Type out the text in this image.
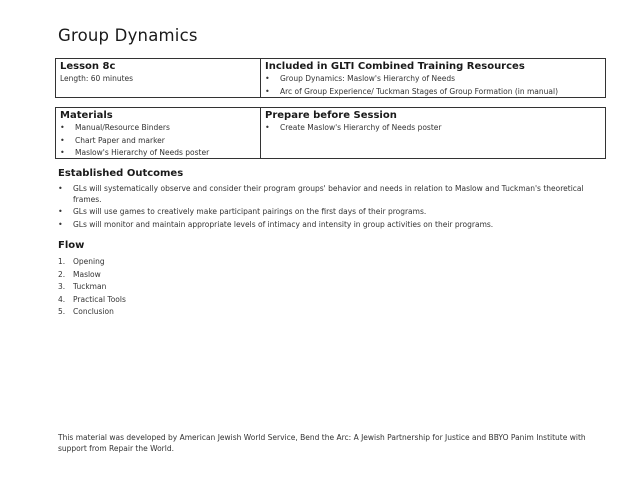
Group Dynamics
Lesson 8c
Length: 60 minutes
Included in GLTI Combined Training Resources
• Group Dynamics: Maslow's Hierarchy of Needs
• Arc of Group Experience/ Tuckman Stages of Group Formation (in manual)
Materials
• Manual/Resource Binders
• Chart Paper and marker
• Maslow's Hierarchy of Needs poster
Prepare before Session
• Create Maslow's Hierarchy of Needs poster
Established Outcomes
• GLs will systematically observe and consider their program groups' behavior and needs in relation to Maslow and Tuckman's theoretical frames.
• GLs will use games to creatively make participant pairings on the first days of their programs.
• GLs will monitor and maintain appropriate levels of intimacy and intensity in group activities on their programs.
Flow
1.	Opening
2.	Maslow
3.	Tuckman
4.	Practical Tools
5.	Conclusion
This material was developed by American Jewish World Service, Bend the Arc: A Jewish Partnership for Justice and BBYO Panim Institute with support from Repair the World.
